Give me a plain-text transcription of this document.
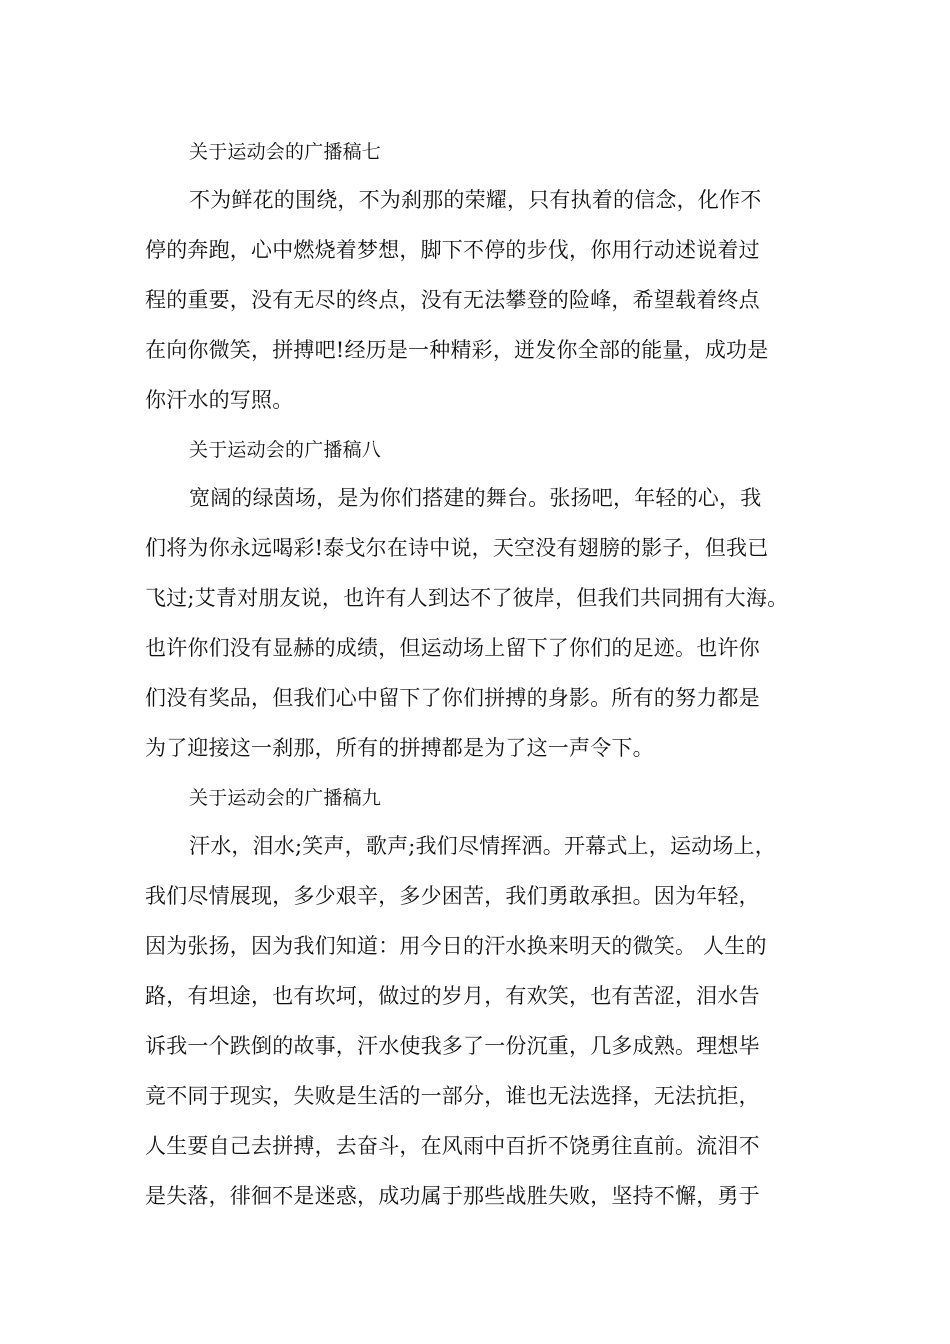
关于运动会的广播稿七
不为鲜花的围绕，不为刹那的荣耀，只有执着的信念，化作不
停的奔跑，心中燃烧着梦想，脚下不停的步伐，你用行动述说着过
程的重要，没有无尽的终点，没有无法攀登的险峰，希望载着终点
在向你微笑，拼搏吧!经历是一种精彩，迸发你全部的能量，成功是
你汗水的写照。
关于运动会的广播稿八
宽阔的绿茵场，是为你们搭建的舞台。张扬吧，年轻的心，我
们将为你永远喝彩!泰戈尔在诗中说，天空没有翅膀的影子，但我已
飞过;艾青对朋友说，也许有人到达不了彼岸，但我们共同拥有大海。
也许你们没有显赫的成绩，但运动场上留下了你们的足迹。也许你
们没有奖品，但我们心中留下了你们拼搏的身影。所有的努力都是
为了迎接这一刹那，所有的拼搏都是为了这一声令下。
关于运动会的广播稿九
汗水，泪水;笑声，歌声;我们尽情挥洒。开幕式上，运动场上，
我们尽情展现，多少艰辛，多少困苦，我们勇敢承担。因为年轻，
因为张扬，因为我们知道：用今日的汗水换来明天的微笑。 人生的
路，有坦途，也有坎坷，做过的岁月，有欢笑，也有苦涩，泪水告
诉我一个跌倒的故事，汗水使我多了一份沉重，几多成熟。理想毕
竟不同于现实，失败是生活的一部分，谁也无法选择，无法抗拒，
人生要自己去拼搏，去奋斗，在风雨中百折不饶勇往直前。流泪不
是失落，徘徊不是迷惑，成功属于那些战胜失败，坚持不懈，勇于
